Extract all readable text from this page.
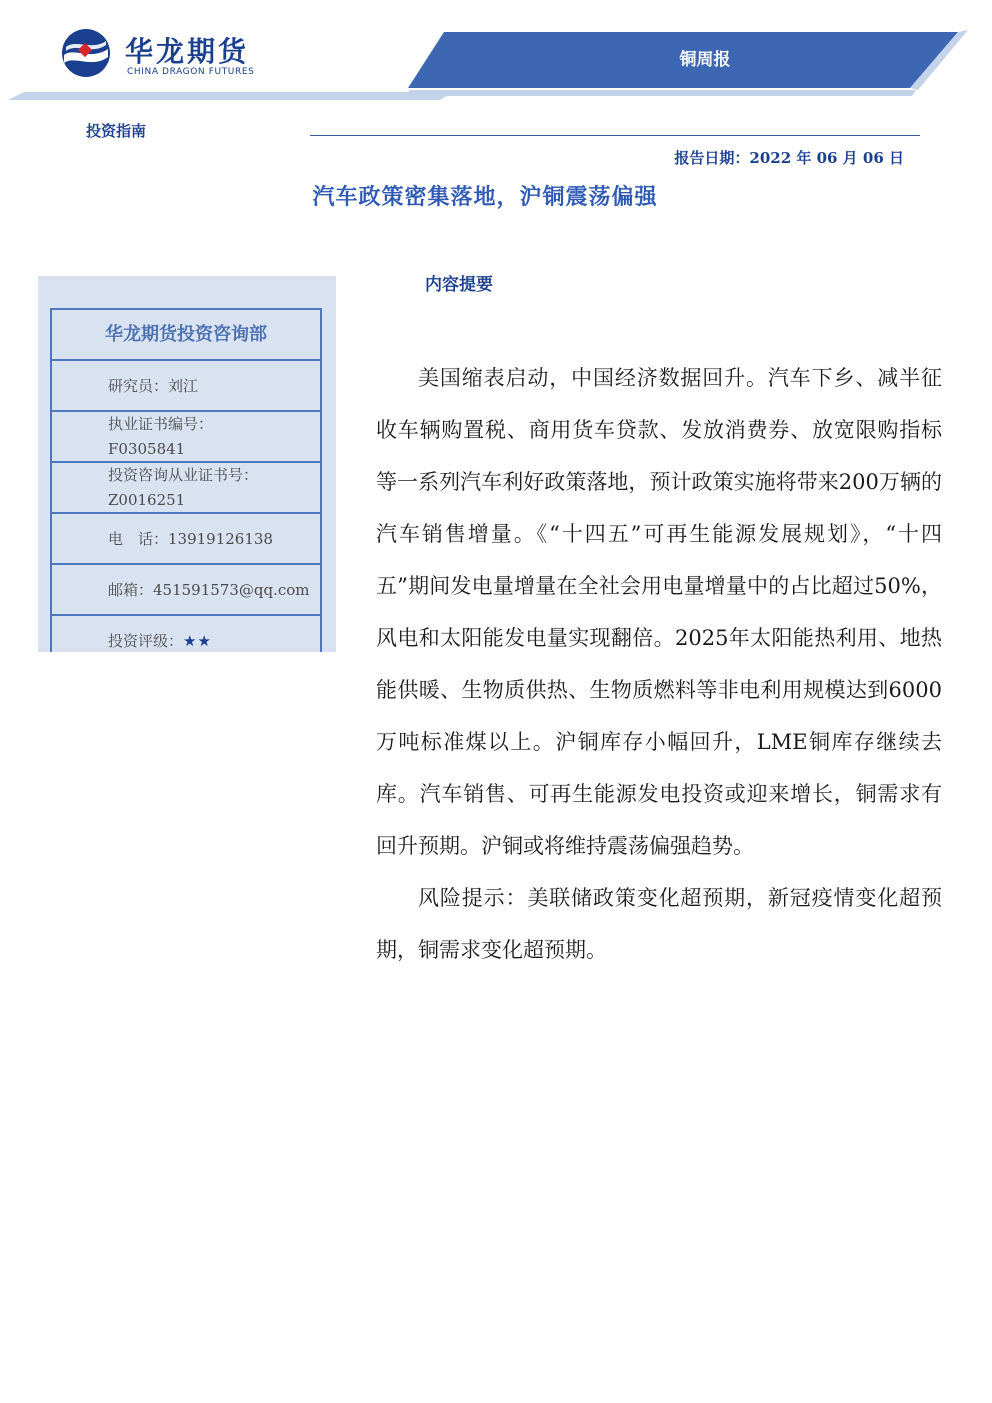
华龙期货
CHINA DRAGON FUTURES
铜周报
投资指南
报告日期：2022 年 06 月 06 日
汽车政策密集落地，沪铜震荡偏强
华龙期货投资咨询部
研究员：刘江
执业证书编号：
F0305841
投资咨询从业证书号：
Z0016251
电　话：13919126138
邮箱：451591573@qq.com
投资评级： ★★
内容提要

美国缩表启动，中国经济数据回升。汽车下乡、减半征收车辆购置税、商用货车贷款、发放消费券、放宽限购指标等一系列汽车利好政策落地，预计政策实施将带来200万辆的汽车销售增量。《“十四五”可再生能源发展规划》，“十四五”期间发电量增量在全社会用电量增量中的占比超过50%，风电和太阳能发电量实现翻倍。2025年太阳能热利用、地热能供暖、生物质供热、生物质燃料等非电利用规模达到6000万吨标准煤以上。沪铜库存小幅回升，LME铜库存继续去库。汽车销售、可再生能源发电投资或迎来增长，铜需求有回升预期。沪铜或将维持震荡偏强趋势。

风险提示：美联储政策变化超预期，新冠疫情变化超预期，铜需求变化超预期。
